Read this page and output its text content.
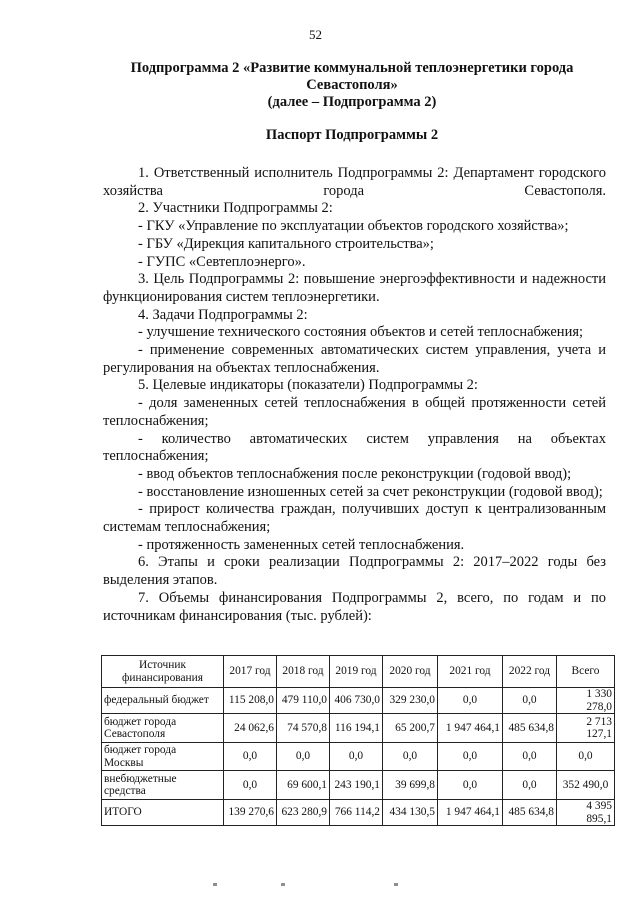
52
Подпрограмма 2 «Развитие коммунальной теплоэнергетики города
Севастополя»
(далее – Подпрограмма 2)
Паспорт Подпрограммы 2

1. Ответственный исполнитель Подпрограммы 2: Департамент городского хозяйства города Севастополя.

2. Участники Подпрограммы 2:

- ГКУ «Управление по эксплуатации объектов городского хозяйства»;

- ГБУ «Дирекция капитального строительства»;

- ГУПС «Севтеплоэнерго».

3. Цель Подпрограммы 2: повышение энергоэффективности и надежности функционирования систем теплоэнергетики.

4. Задачи Подпрограммы 2:

- улучшение технического состояния объектов и сетей теплоснабжения;

- применение современных автоматических систем управления, учета и регулирования на объектах теплоснабжения.

5. Целевые индикаторы (показатели) Подпрограммы 2:

- доля замененных сетей теплоснабжения в общей протяженности сетей теплоснабжения;

- количество автоматических систем управления на объектах теплоснабжения;

- ввод объектов теплоснабжения после реконструкции (годовой ввод);

- восстановление изношенных сетей за счет реконструкции (годовой ввод);

- прирост количества граждан, получивших доступ к централизованным системам теплоснабжения;

- протяженность замененных сетей теплоснабжения.

6. Этапы и сроки реализации Подпрограммы 2: 2017–2022 годы без выделения этапов.

7. Объемы финансирования Подпрограммы 2, всего, по годам и по источникам финансирования (тыс. рублей):

Источник финансирования	2017 год	2018 год	2019 год	2020 год	2021 год	2022 год	Всего
федеральный бюджет	115 208,0	479 110,0	406 730,0	329 230,0	0,0	0,0	1 330 278,0

бюджет города
Севастополя	24 062,6	74 570,8	116 194,1	65 200,7	1 947 464,1	485 634,8	2 713 127,1

бюджет города
Москвы	0,0	0,0	0,0	0,0	0,0	0,0	0,0

внебюджетные
средства	0,0	69 600,1	243 190,1	39 699,8	0,0	0,0	352 490,0
ИТОГО	139 270,6	623 280,9	766 114,2	434 130,5	1 947 464,1	485 634,8	4 395 895,1
